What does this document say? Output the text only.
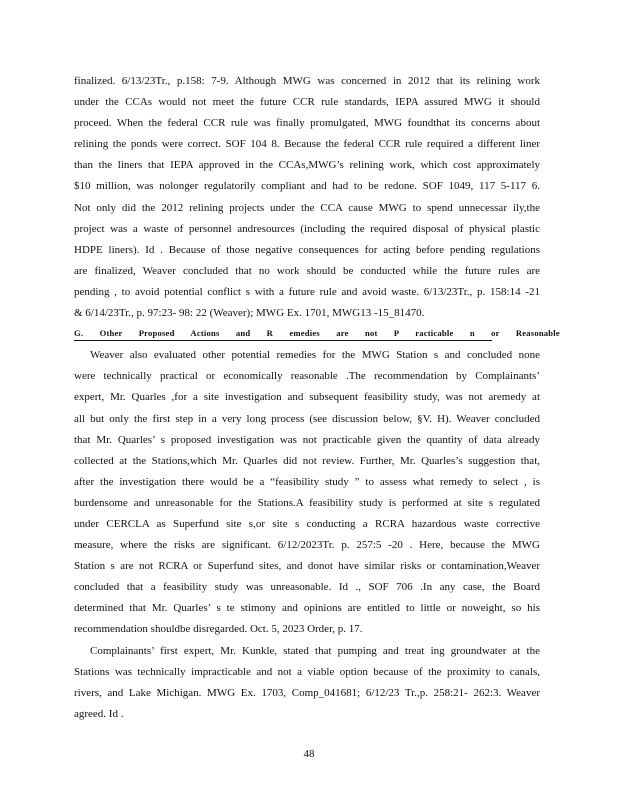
finalized. 6/13/23Tr., p.158: 7-9. Although MWG was concerned in 2012 that its relining work
under the CCAs would not meet the future CCR rule standards, IEPA assured MWG it should
proceed. When the federal CCR rule was finally promulgated, MWG foundthat its concerns about
relining the ponds were correct. SOF 104 8. Because the federal CCR rule required a different liner
than the liners that IEPA approved in the CCAs,MWG’s relining work, which cost approximately
$10 million, was nolonger regulatorily compliant and had to be redone. SOF 1049, 117 5-117 6.
Not only did the 2012 relining projects under the CCA cause MWG to spend unnecessar ily,the
project was a waste of personnel andresources (including the required disposal of physical plastic
HDPE liners). Id . Because of those negative consequences for acting before pending regulations
are finalized, Weaver concluded that no work should be conducted while the future rules are
pending , to avoid potential conflict s with a future rule and avoid waste. 6/13/23Tr., p. 158:14 -21
& 6/14/23Tr., p. 97:23- 98: 22 (Weaver); MWG Ex. 1701, MWG13 -15_81470.
G. Other Proposed Actions and R emedies are not P racticable n or Reasonable
Weaver also evaluated other potential remedies for the MWG Station s and concluded none
were technically practical or economically reasonable .The recommendation by Complainants’
expert, Mr. Quarles ,for a site investigation and subsequent feasibility study, was not aremedy at
all but only the first step in a very long process (see discussion below, §V. H). Weaver concluded
that Mr. Quarles’ s proposed investigation was not practicable given the quantity of data already
collected at the Stations,which Mr. Quarles did not review. Further, Mr. Quarles’s suggestion that,
after the investigation there would be a “feasibility study ” to assess what remedy to select , is
burdensome and unreasonable for the Stations.A feasibility study is performed at site s regulated
under CERCLA as Superfund site s,or site s conducting a RCRA hazardous waste corrective
measure, where the risks are significant. 6/12/2023Tr. p. 257:5 -20 . Here, because the MWG
Station s are not RCRA or Superfund sites, and donot have similar risks or contamination,Weaver
concluded that a feasibility study was unreasonable. Id ., SOF 706 .In any case, the Board
determined that Mr. Quarles’ s te stimony and opinions are entitled to little or noweight, so his
recommendation shouldbe disregarded. Oct. 5, 2023 Order, p. 17.
Complainants’ first expert, Mr. Kunkle, stated that pumping and treat ing groundwater at the
Stations was technically impracticable and not a viable option because of the proximity to canals,
rivers, and Lake Michigan. MWG Ex. 1703, Comp_041681; 6/12/23 Tr.,p. 258:21- 262:3. Weaver
agreed. Id .
48
